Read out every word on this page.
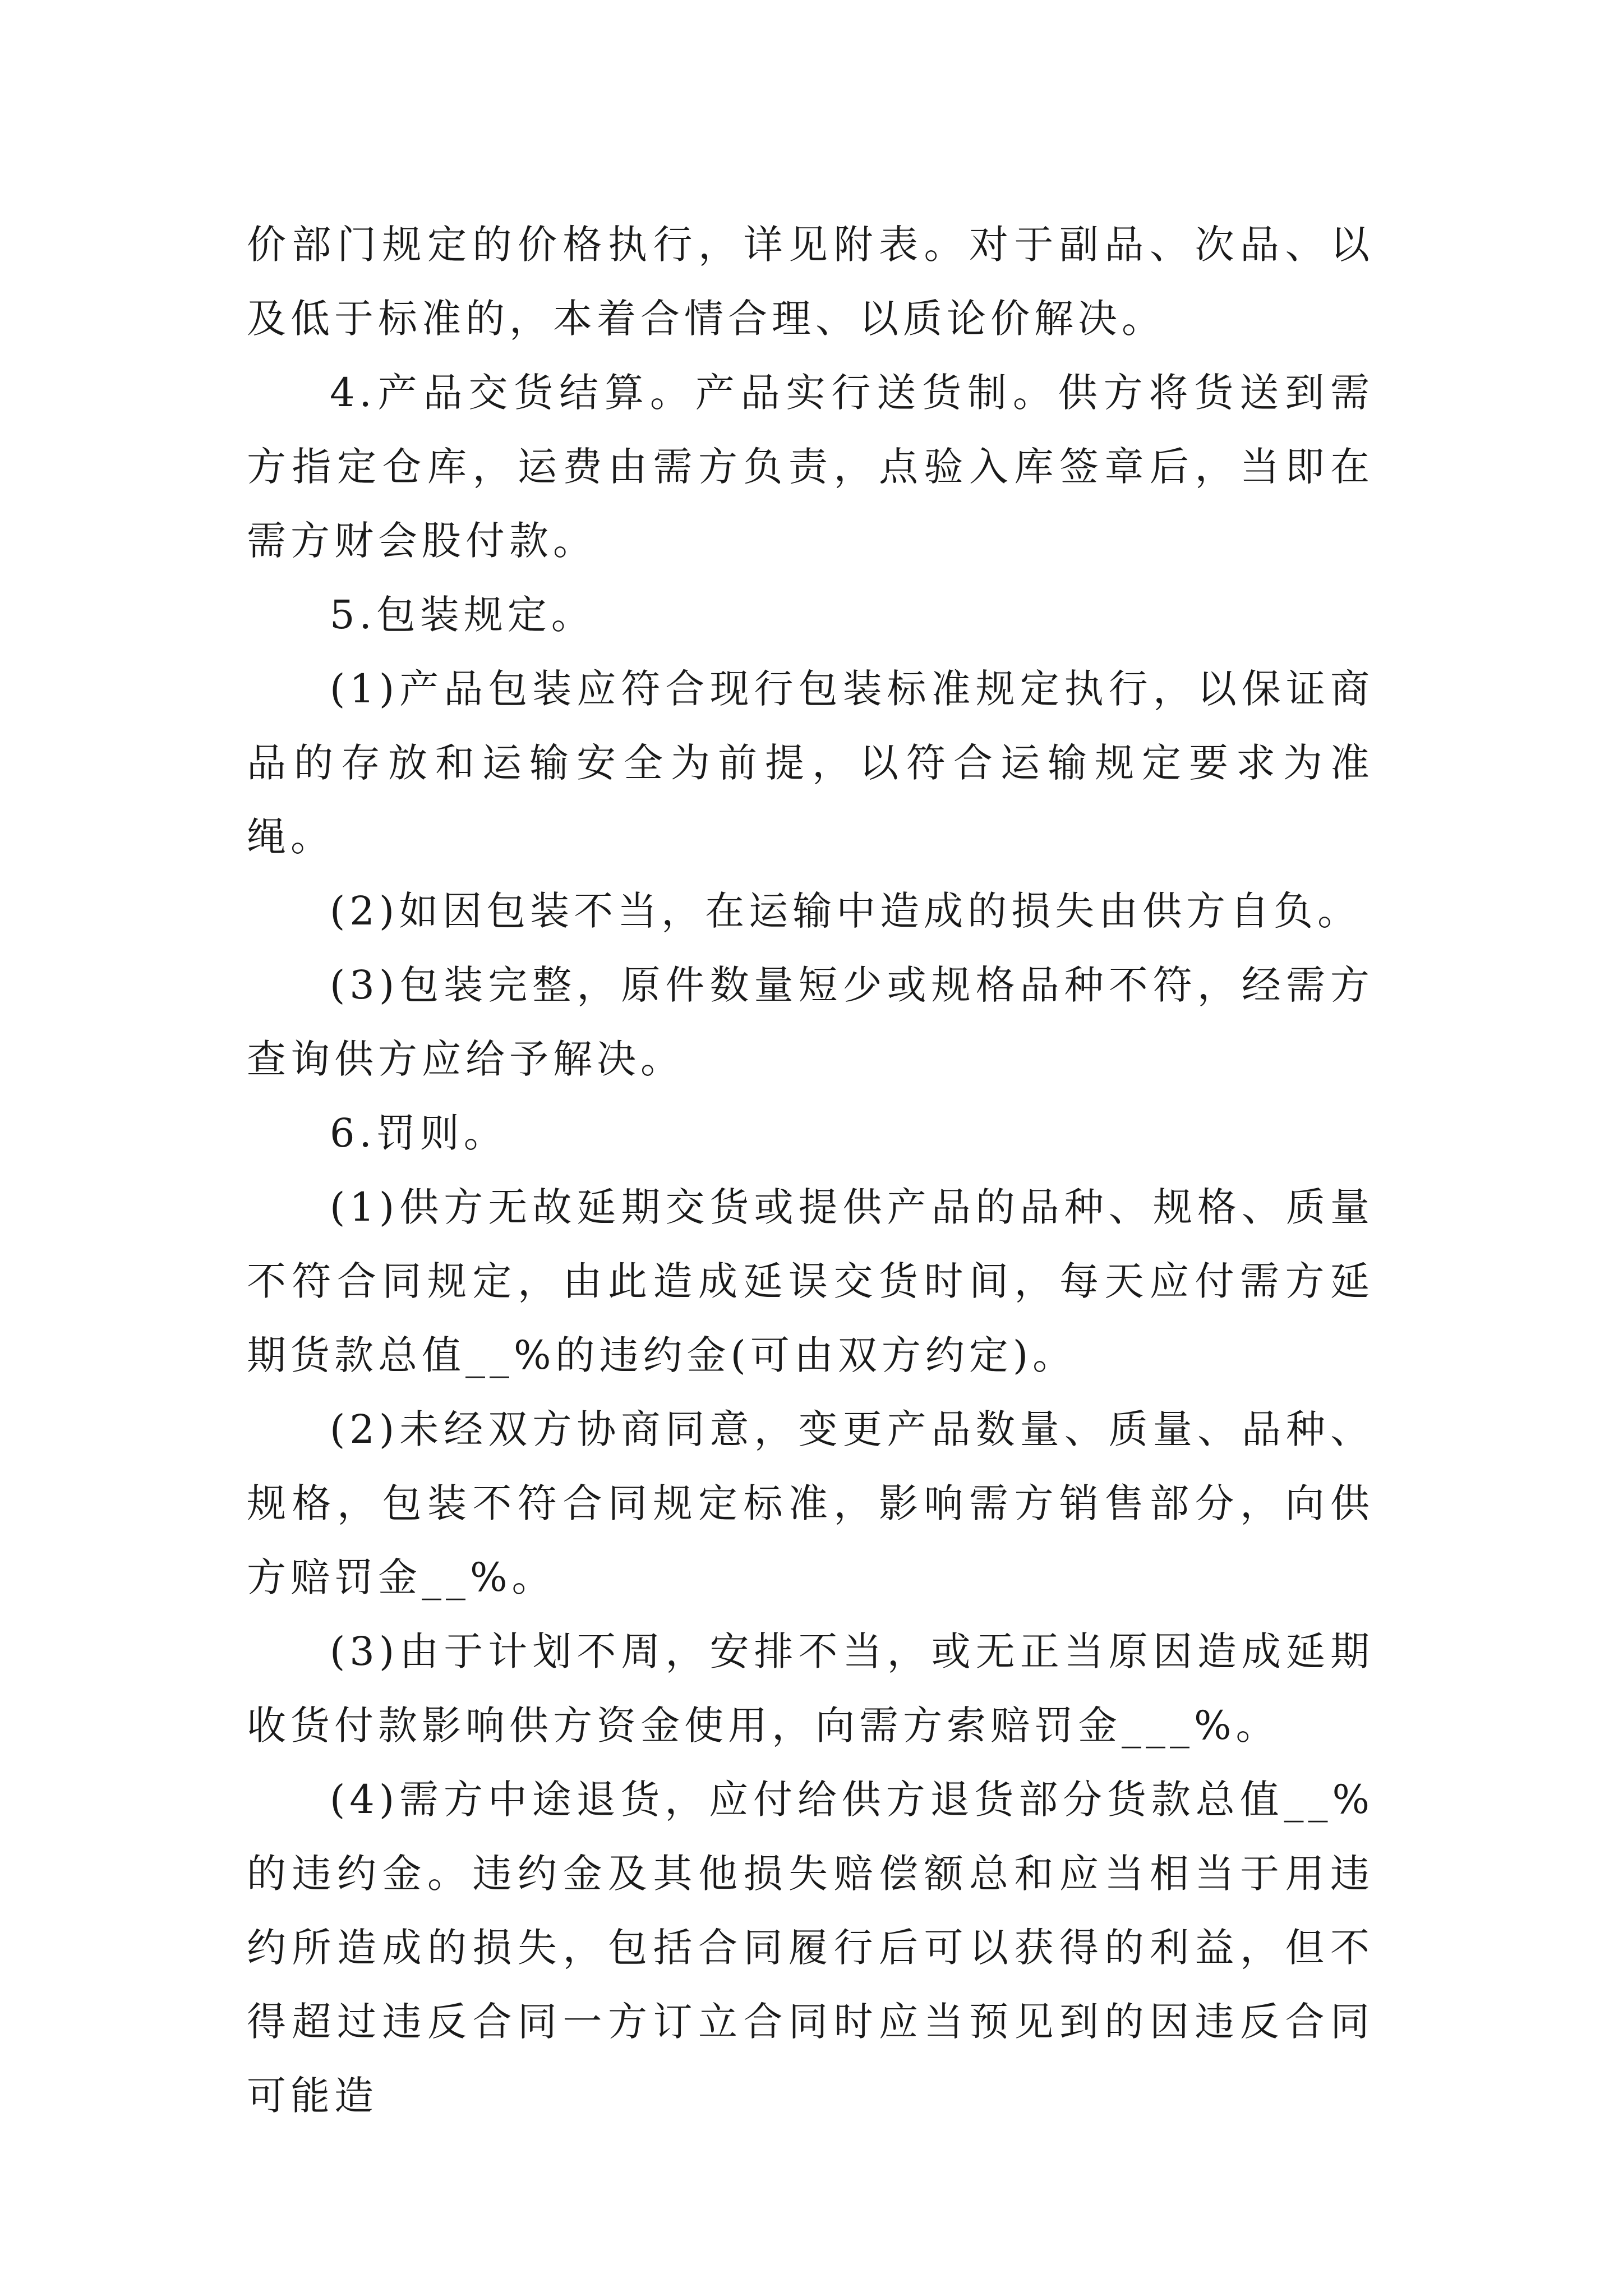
价部门规定的价格执行，详见附表。对于副品、次品、以及低于标准的，本着合情合理、以质论价解决。

4.产品交货结算。产品实行送货制。供方将货送到需方指定仓库，运费由需方负责，点验入库签章后，当即在需方财会股付款。

5.包装规定。

(1)产品包装应符合现行包装标准规定执行，以保证商品的存放和运输安全为前提，以符合运输规定要求为准绳。

(2)如因包装不当，在运输中造成的损失由供方自负。

(3)包装完整，原件数量短少或规格品种不符，经需方查询供方应给予解决。

6.罚则。

(1)供方无故延期交货或提供产品的品种、规格、质量不符合同规定，由此造成延误交货时间，每天应付需方延期货款总值__%的违约金(可由双方约定)。

(2)未经双方协商同意，变更产品数量、质量、品种、规格，包装不符合同规定标准，影响需方销售部分，向供方赔罚金__%。

(3)由于计划不周，安排不当，或无正当原因造成延期收货付款影响供方资金使用，向需方索赔罚金___%。

(4)需方中途退货，应付给供方退货部分货款总值__%的违约金。违约金及其他损失赔偿额总和应当相当于用违约所造成的损失，包括合同履行后可以获得的利益，但不得超过违反合同一方订立合同时应当预见到的因违反合同可能造
